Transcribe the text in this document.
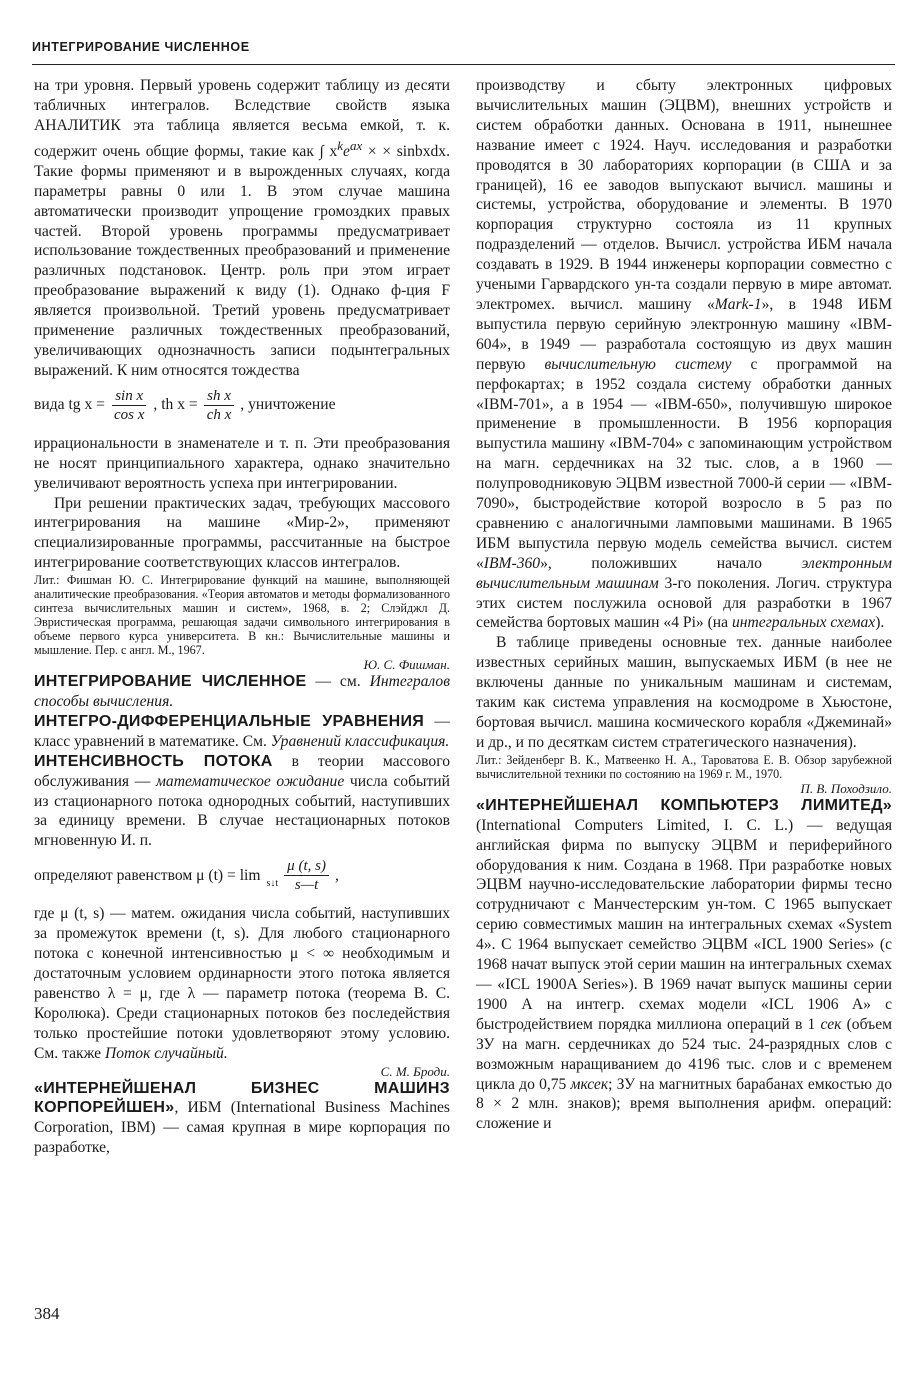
ИНТЕГРИРОВАНИЕ ЧИСЛЕННОЕ

на три уровня. Первый уровень содержит таблицу из десяти табличных интегралов. Вследствие свойств языка АНАЛИТИК эта таблица является весьма емкой, т. к. содержит очень общие формы, такие как ∫ $x^ke^{ax}$ × × sinbxdx. Такие формы применяют и в вырожденных случаях, когда параметры равны 0 или 1. В этом случае машина автоматически производит упрощение громоздких правых частей. Второй уровень программы предусматривает использование тождественных преобразований и применение различных подстановок. Центр. роль при этом играет преобразование выражений к виду (1). Однако ф-ция F является произвольной. Третий уровень предусматривает применение различных тождественных преобразований, увеличивающих однозначность записи подынтегральных выражений. К ним относятся тождества

вида tg $x = \frac{\text{sin x}}{\text{cos x}}$ , th $x = \frac{\text{sh x}}{\text{ch x}}$ , уничтожение

иррациональности в знаменателе и т. п. Эти преобразования не носят принципиального характера, однако значительно увеличивают вероятность успеха при интегрировании.

При решении практических задач, требующих массового интегрирования на машине «Мир-2», применяют специализированные программы, рассчитанные на быстрое интегрирование соответствующих классов интегралов.

Лит.: Фишман Ю. С. Интегрирование функций на машине, выполняющей аналитические преобразования. «Теория автоматов и методы формализованного синтеза вычислительных машин и систем», 1968, в. 2; Слэйджл Д. Эвристическая программа, решающая задачи символьного интегрирования в объеме первого курса университета. В кн.: Вычислительные машины и мышление. Пер. с англ. М., 1967.

Ю. С. Фишман.

ИНТЕГРИРОВАНИЕ ЧИСЛЕННОЕ — см. Интегралов способы вычисления.

ИНТЕГРО-ДИФФЕРЕНЦИАЛЬНЫЕ УРАВНЕНИЯ — класс уравнений в математике. См. Уравнений классификация.

ИНТЕНСИВНОСТЬ ПОТОКА в теории массового обслуживания — математическое ожидание числа событий из стационарного потока однородных событий, наступивших за единицу времени. В случае нестационарных потоков мгновенную И. п.

определяют равенством μ (t) = lim
s↓t $\frac{\mu (t, s)}{s—t}$ ,

где μ (t, s) — матем. ожидания числа событий, наступивших за промежуток времени (t, s). Для любого стационарного потока с конечной интенсивностью μ < ∞ необходимым и достаточным условием ординарности этого потока является равенство λ = μ, где λ — параметр потока (теорема В. С. Королюка). Среди стационарных потоков без последействия только простейшие потоки удовлетворяют этому условию. См. также Поток случайный.

С. М. Броди.

«ИНТЕРНЕЙШЕНАЛ БИЗНЕС МАШИНЗ КОРПОРЕЙШЕН», ИБМ (International Business Machines Corporation, IBM) — самая крупная в мире корпорация по разработке,

производству и сбыту электронных цифровых вычислительных машин (ЭЦВМ), внешних устройств и систем обработки данных. Основана в 1911, нынешнее название имеет с 1924. Науч. исследования и разработки проводятся в 30 лабораториях корпорации (в США и за границей), 16 ее заводов выпускают вычисл. машины и системы, устройства, оборудование и элементы. В 1970 корпорация структурно состояла из 11 крупных подразделений — отделов. Вычисл. устройства ИБМ начала создавать в 1929. В 1944 инженеры корпорации совместно с учеными Гарвардского ун-та создали первую в мире автомат. электромех. вычисл. машину «Mark-1», в 1948 ИБМ выпустила первую серийную электронную машину «IBM-604», в 1949 — разработала состоящую из двух машин первую вычислительную систему с программой на перфокартах; в 1952 создала систему обработки данных «IBM-701», а в 1954 — «IBM-650», получившую широкое применение в промышленности. В 1956 корпорация выпустила машину «IBM-704» с запоминающим устройством на магн. сердечниках на 32 тыс. слов, а в 1960 — полупроводниковую ЭЦВМ известной 7000-й серии — «IBM-7090», быстродействие которой возросло в 5 раз по сравнению с аналогичными ламповыми машинами. В 1965 ИБМ выпустила первую модель семейства вычисл. систем «IBM-360», положивших начало электронным вычислительным машинам 3-го поколения. Логич. структура этих систем послужила основой для разработки в 1967 семейства бортовых машин «4 Pi» (на интегральных схемах).

В таблице приведены основные тех. данные наиболее известных серийных машин, выпускаемых ИБМ (в нее не включены данные по уникальным машинам и системам, таким как система управления на космодроме в Хьюстоне, бортовая вычисл. машина космического корабля «Джеминай» и др., и по десяткам систем стратегического назначения).

Лит.: Зейденберг В. К., Матвеенко Н. А., Тароватова Е. В. Обзор зарубежной вычислительной техники по состоянию на 1969 г. М., 1970.

П. В. Походзило.

«ИНТЕРНЕЙШЕНАЛ КОМПЬЮТЕРЗ ЛИМИТЕД» (International Computers Limited, I. C. L.) — ведущая английская фирма по выпуску ЭЦВМ и периферийного оборудования к ним. Создана в 1968. При разработке новых ЭЦВМ научно-исследовательские лаборатории фирмы тесно сотрудничают с Манчестерским ун-том. С 1965 выпускает серию совместимых машин на интегральных схемах «System 4». С 1964 выпускает семейство ЭЦВМ «ICL 1900 Series» (с 1968 начат выпуск этой серии машин на интегральных схемах — «ICL 1900A Series»). В 1969 начат выпуск машины серии 1900 А на интегр. схемах модели «ICL 1906 A» с быстродействием порядка миллиона операций в 1 сек (объем ЗУ на магн. сердечниках до 524 тыс. 24-разрядных слов с возможным наращиванием до 4196 тыс. слов и с временем цикла до 0,75 мксек; ЗУ на магнитных барабанах емкостью до 8 × 2 млн. знаков); время выполнения арифм. операций: сложение и

384
